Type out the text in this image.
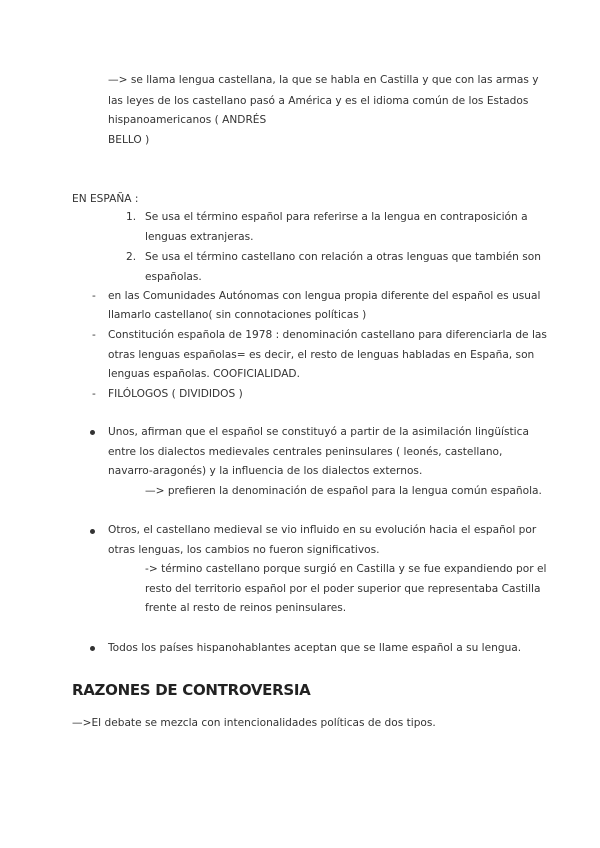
—> se llama lengua castellana, la que se habla en Castilla y que con las armas y
las leyes de los castellano pasó a América y es el idioma común de los Estados
hispanoamericanos ( ANDRÉS
BELLO )
EN ESPAÑA :
1. Se usa el término español para referirse a la lengua en contraposición a
lenguas extranjeras.
2. Se usa el término castellano con relación a otras lenguas que también son
españolas.
- en las Comunidades Autónomas con lengua propia diferente del español es usual
llamarlo castellano( sin connotaciones políticas )
- Constitución española de 1978 : denominación castellano para diferenciarla de las
otras lenguas españolas= es decir, el resto de lenguas habladas en España, son
lenguas españolas. COOFICIALIDAD.
- FILÓLOGOS ( DIVIDIDOS )
Unos, afirman que el español se constituyó a partir de la asimilación lingüística
entre los dialectos medievales centrales peninsulares ( leonés, castellano,
navarro-aragonés) y la influencia de los dialectos externos.
—> prefieren la denominación de español para la lengua común española.
Otros, el castellano medieval se vio influido en su evolución hacia el español por
otras lenguas, los cambios no fueron significativos.
-> término castellano porque surgió en Castilla y se fue expandiendo por el
resto del territorio español por el poder superior que representaba Castilla
frente al resto de reinos peninsulares.
Todos los países hispanohablantes aceptan que se llame español a su lengua.
RAZONES DE CONTROVERSIA
—>El debate se mezcla con intencionalidades políticas de dos tipos.
